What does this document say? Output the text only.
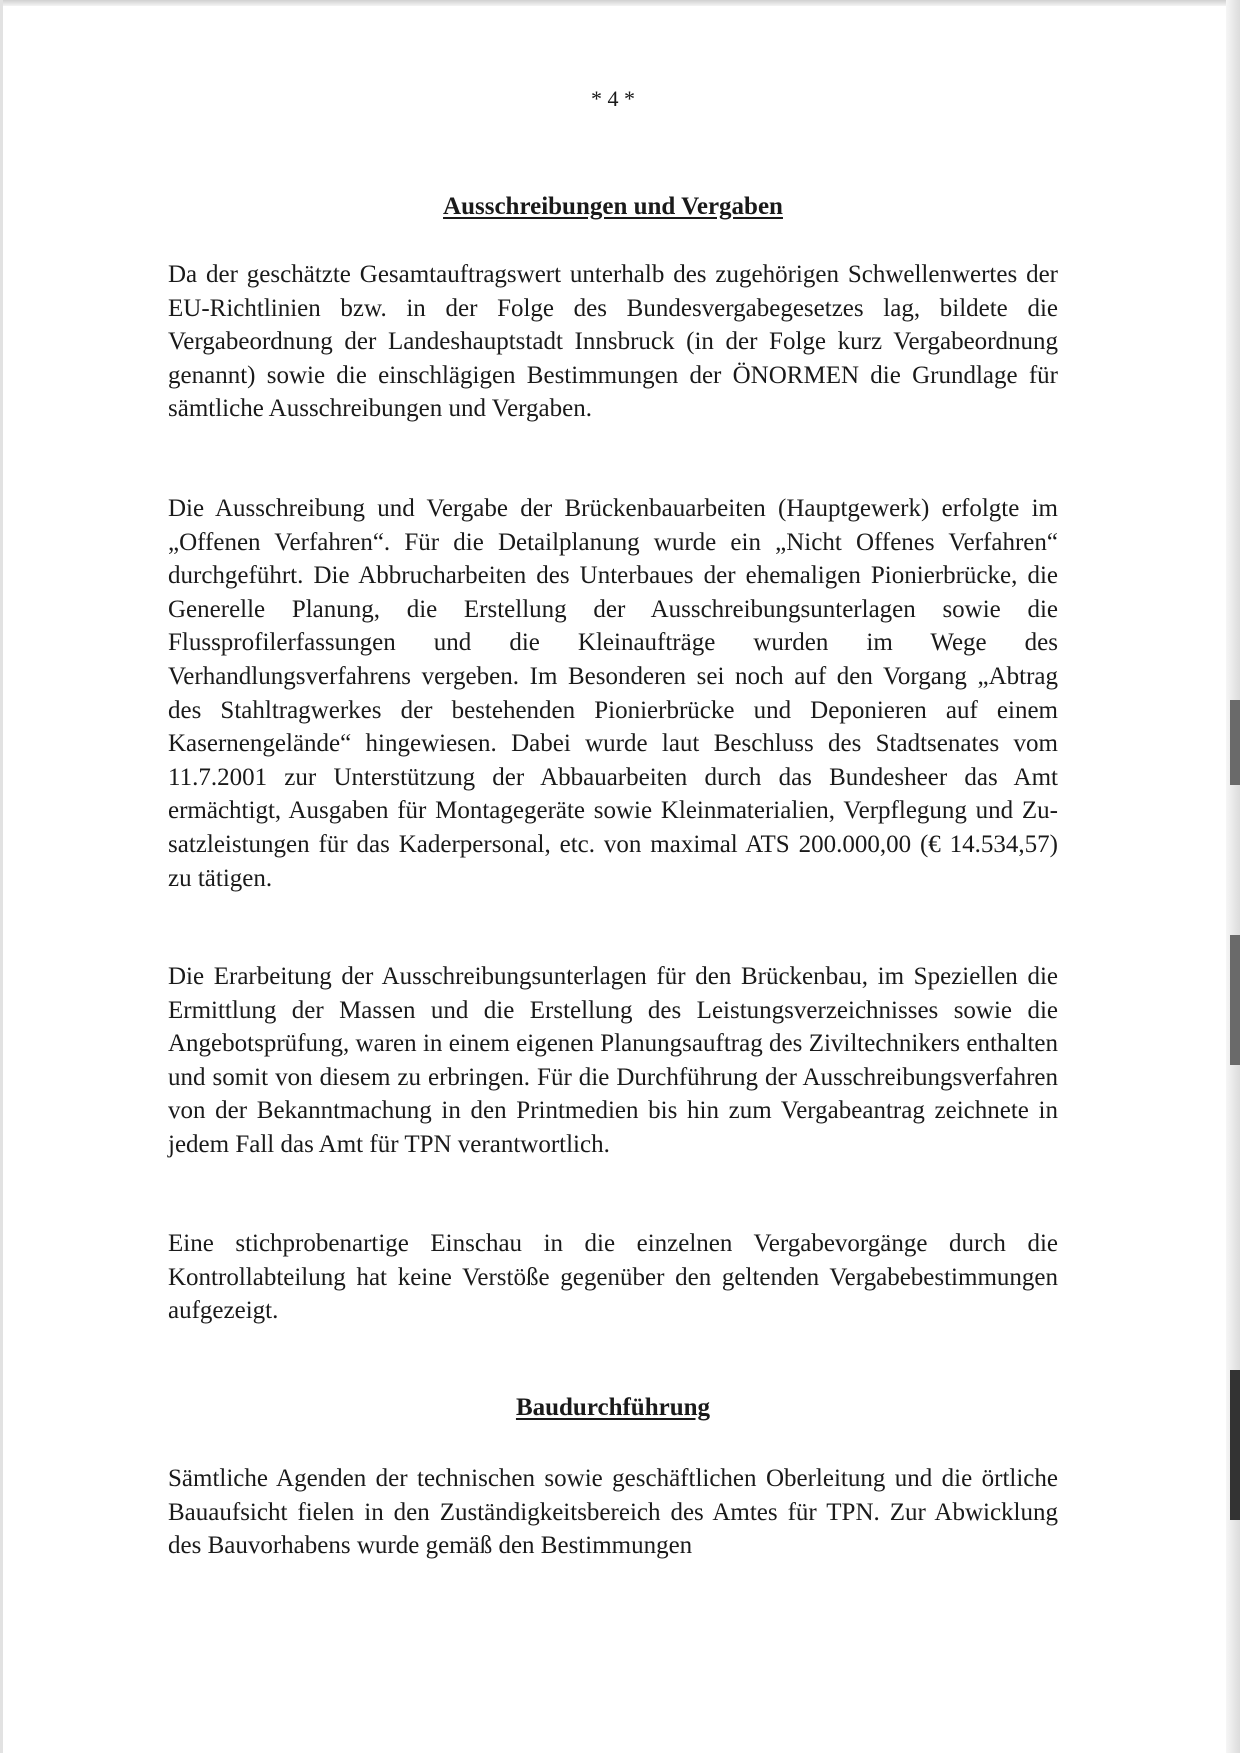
* 4 *
Ausschreibungen und Vergaben

Da der geschätzte Gesamtauftragswert unterhalb des zugehörigen Schwellenwertes der EU-Richtlinien bzw. in der Folge des Bundesvergabegesetzes lag, bildete die Vergabeordnung der Landeshauptstadt Innsbruck (in der Folge kurz Vergabeordnung genannt) sowie die einschlägigen Bestimmungen der ÖNORMEN die Grundlage für sämtliche Ausschreibungen und Vergaben.

Die Ausschreibung und Vergabe der Brückenbauarbeiten (Hauptgewerk) erfolgte im „Offenen Verfahren“. Für die Detailplanung wurde ein „Nicht Offenes Verfahren“ durchgeführt. Die Abbrucharbeiten des Unterbaues der ehemaligen Pionierbrücke, die Generelle Planung, die Erstellung der Ausschreibungsunterlagen sowie die Flussprofilerfassungen und die Kleinaufträge wurden im Wege des Verhandlungsverfahrens vergeben. Im Besonderen sei noch auf den Vorgang „Abtrag des Stahltragwerkes der bestehenden Pionierbrücke und Deponieren auf einem Kasernengelände“ hingewiesen. Dabei wurde laut Beschluss des Stadtsenates vom 11.7.2001 zur Unterstützung der Abbauarbeiten durch das Bundesheer das Amt ermächtigt, Ausgaben für Montagegeräte sowie Kleinmaterialien, Verpflegung und Zusatzleistungen für das Kaderpersonal, etc. von maximal ATS 200.000,00 (€ 14.534,57) zu tätigen.

Die Erarbeitung der Ausschreibungsunterlagen für den Brückenbau, im Speziellen die Ermittlung der Massen und die Erstellung des Leistungsverzeichnisses sowie die Angebotsprüfung, waren in einem eigenen Planungsauftrag des Ziviltechnikers enthalten und somit von diesem zu erbringen. Für die Durchführung der Ausschreibungsverfahren von der Bekanntmachung in den Printmedien bis hin zum Vergabeantrag zeichnete in jedem Fall das Amt für TPN verantwortlich.

Eine stichprobenartige Einschau in die einzelnen Vergabevorgänge durch die Kontrollabteilung hat keine Verstöße gegenüber den geltenden Vergabebestimmungen aufgezeigt.

Baudurchführung

Sämtliche Agenden der technischen sowie geschäftlichen Oberleitung und die örtliche Bauaufsicht fielen in den Zuständigkeitsbereich des Amtes für TPN. Zur Abwicklung des Bauvorhabens wurde gemäß den Bestimmungen
